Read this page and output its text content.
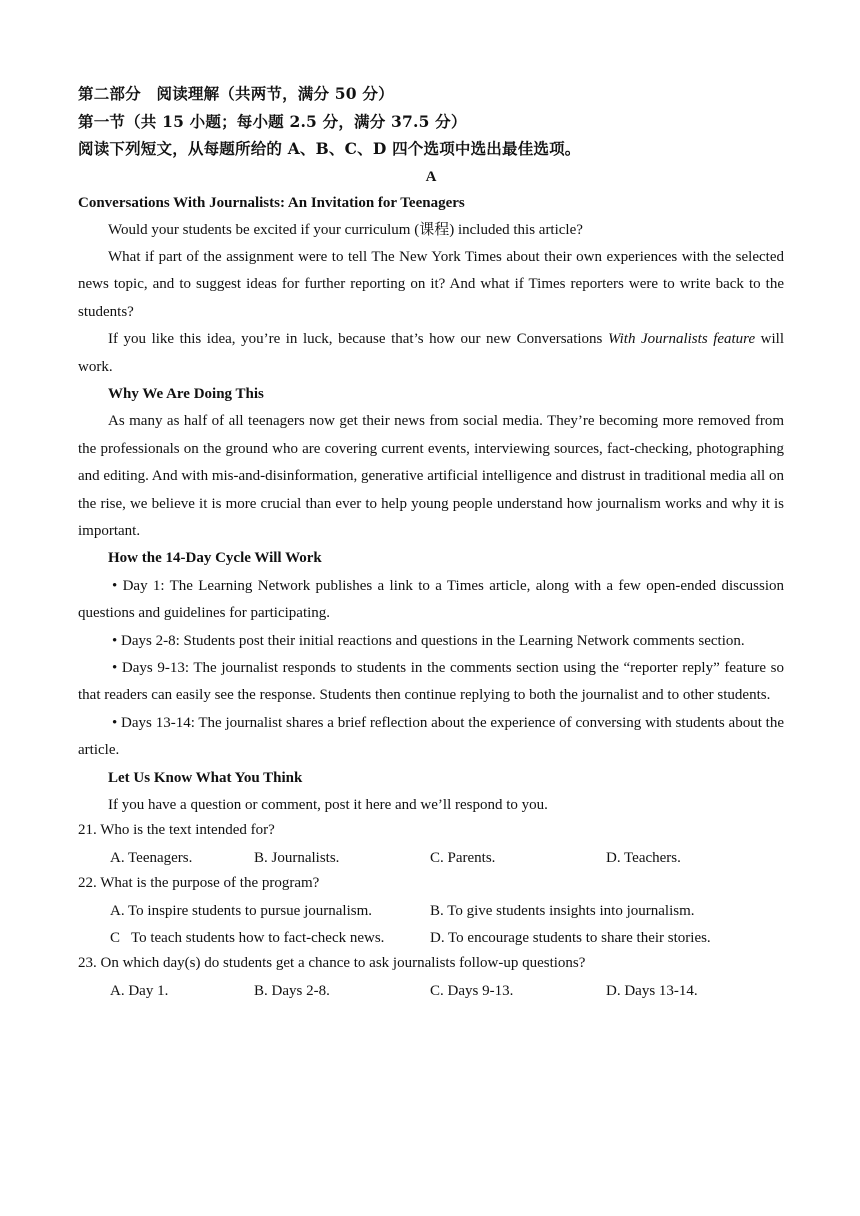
第二部分　阅读理解（共两节，满分 50 分）
第一节（共 15 小题；每小题 2.5 分，满分 37.5 分）
阅读下列短文，从每题所给的 A、B、C、D 四个选项中选出最佳选项。
A
Conversations With Journalists: An Invitation for Teenagers

Would your students be excited if your curriculum (课程) included this article?

What if part of the assignment were to tell The New York Times about their own experiences with the selected news topic, and to suggest ideas for further reporting on it? And what if Times reporters were to write back to the students?

If you like this idea, you’re in luck, because that’s how our new Conversations With Journalists feature will work.

Why We Are Doing This

As many as half of all teenagers now get their news from social media. They’re becoming more removed from the professionals on the ground who are covering current events, interviewing sources, fact-checking, photographing and editing. And with mis-and-disinformation, generative artificial intelligence and distrust in traditional media all on the rise, we believe it is more crucial than ever to help young people understand how journalism works and why it is important.

How the 14-Day Cycle Will Work

• Day 1: The Learning Network publishes a link to a Times article, along with a few open-ended discussion questions and guidelines for participating.

• Days 2-8: Students post their initial reactions and questions in the Learning Network comments section.

• Days 9-13: The journalist responds to students in the comments section using the “reporter reply” feature so that readers can easily see the response. Students then continue replying to both the journalist and to other students.

• Days 13-14: The journalist shares a brief reflection about the experience of conversing with students about the article.

Let Us Know What You Think

If you have a question or comment, post it here and we’ll respond to you.

21. Who is the text intended for?
A. Teenagers.	B. Journalists.	C. Parents.	D. Teachers.
22. What is the purpose of the program?
A. To inspire students to pursue journalism.	B. To give students insights into journalism.
C   To teach students how to fact-check news.	D. To encourage students to share their stories.
23. On which day(s) do students get a chance to ask journalists follow-up questions?
A. Day 1.	B. Days 2-8.	C. Days 9-13.	D. Days 13-14.
